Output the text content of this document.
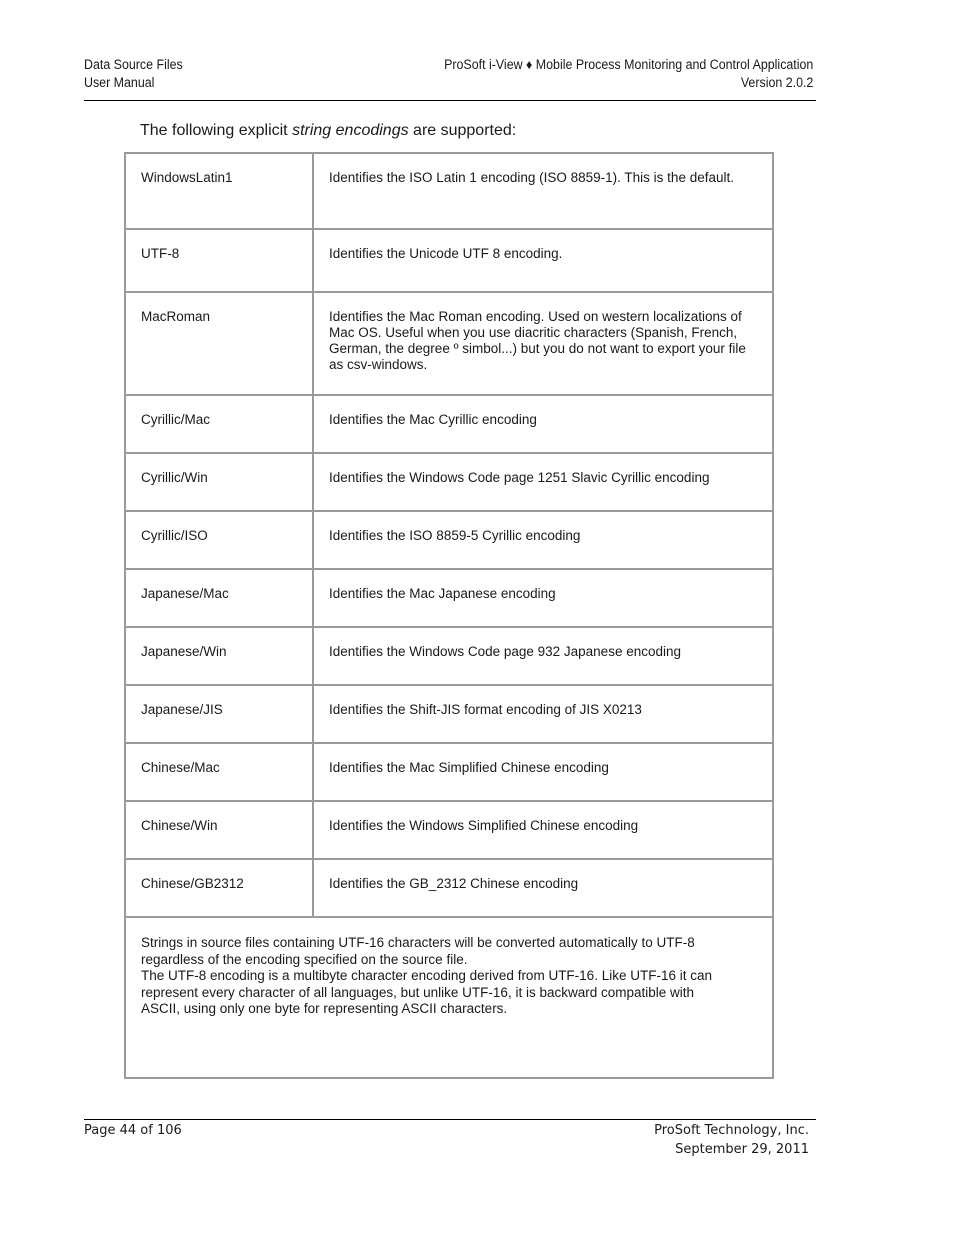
Data Source Files
User Manual
ProSoft i-View ♦ Mobile Process Monitoring and Control Application
Version 2.0.2
The following explicit string encodings are supported:
WindowsLatin1	Identifies the ISO Latin 1 encoding (ISO 8859-1). This is the default.
UTF-8	Identifies the Unicode UTF 8 encoding.
MacRoman	Identifies the Mac Roman encoding. Used on western localizations of Mac OS. Useful when you use diacritic characters (Spanish, French, German, the degree º simbol...) but you do not want to export your file as csv-windows.
Cyrillic/Mac	Identifies the Mac Cyrillic encoding
Cyrillic/Win	Identifies the Windows Code page 1251 Slavic Cyrillic encoding
Cyrillic/ISO	Identifies the ISO 8859-5 Cyrillic encoding
Japanese/Mac	Identifies the Mac Japanese encoding
Japanese/Win	Identifies the Windows Code page 932 Japanese encoding
Japanese/JIS	Identifies the Shift-JIS format encoding of JIS X0213
Chinese/Mac	Identifies the Mac Simplified Chinese encoding
Chinese/Win	Identifies the Windows Simplified Chinese encoding
Chinese/GB2312	Identifies the GB_2312 Chinese encoding

Strings in source files containing UTF-16 characters will be converted automatically to UTF-8 regardless of the encoding specified on the source file.

The UTF-8 encoding is a multibyte character encoding derived from UTF-16. Like UTF-16 it can represent every character of all languages, but unlike UTF-16, it is backward compatible with ASCII, using only one byte for representing ASCII characters.	

Page 44 of 106	ProSoft Technology, Inc.
September 29, 2011
